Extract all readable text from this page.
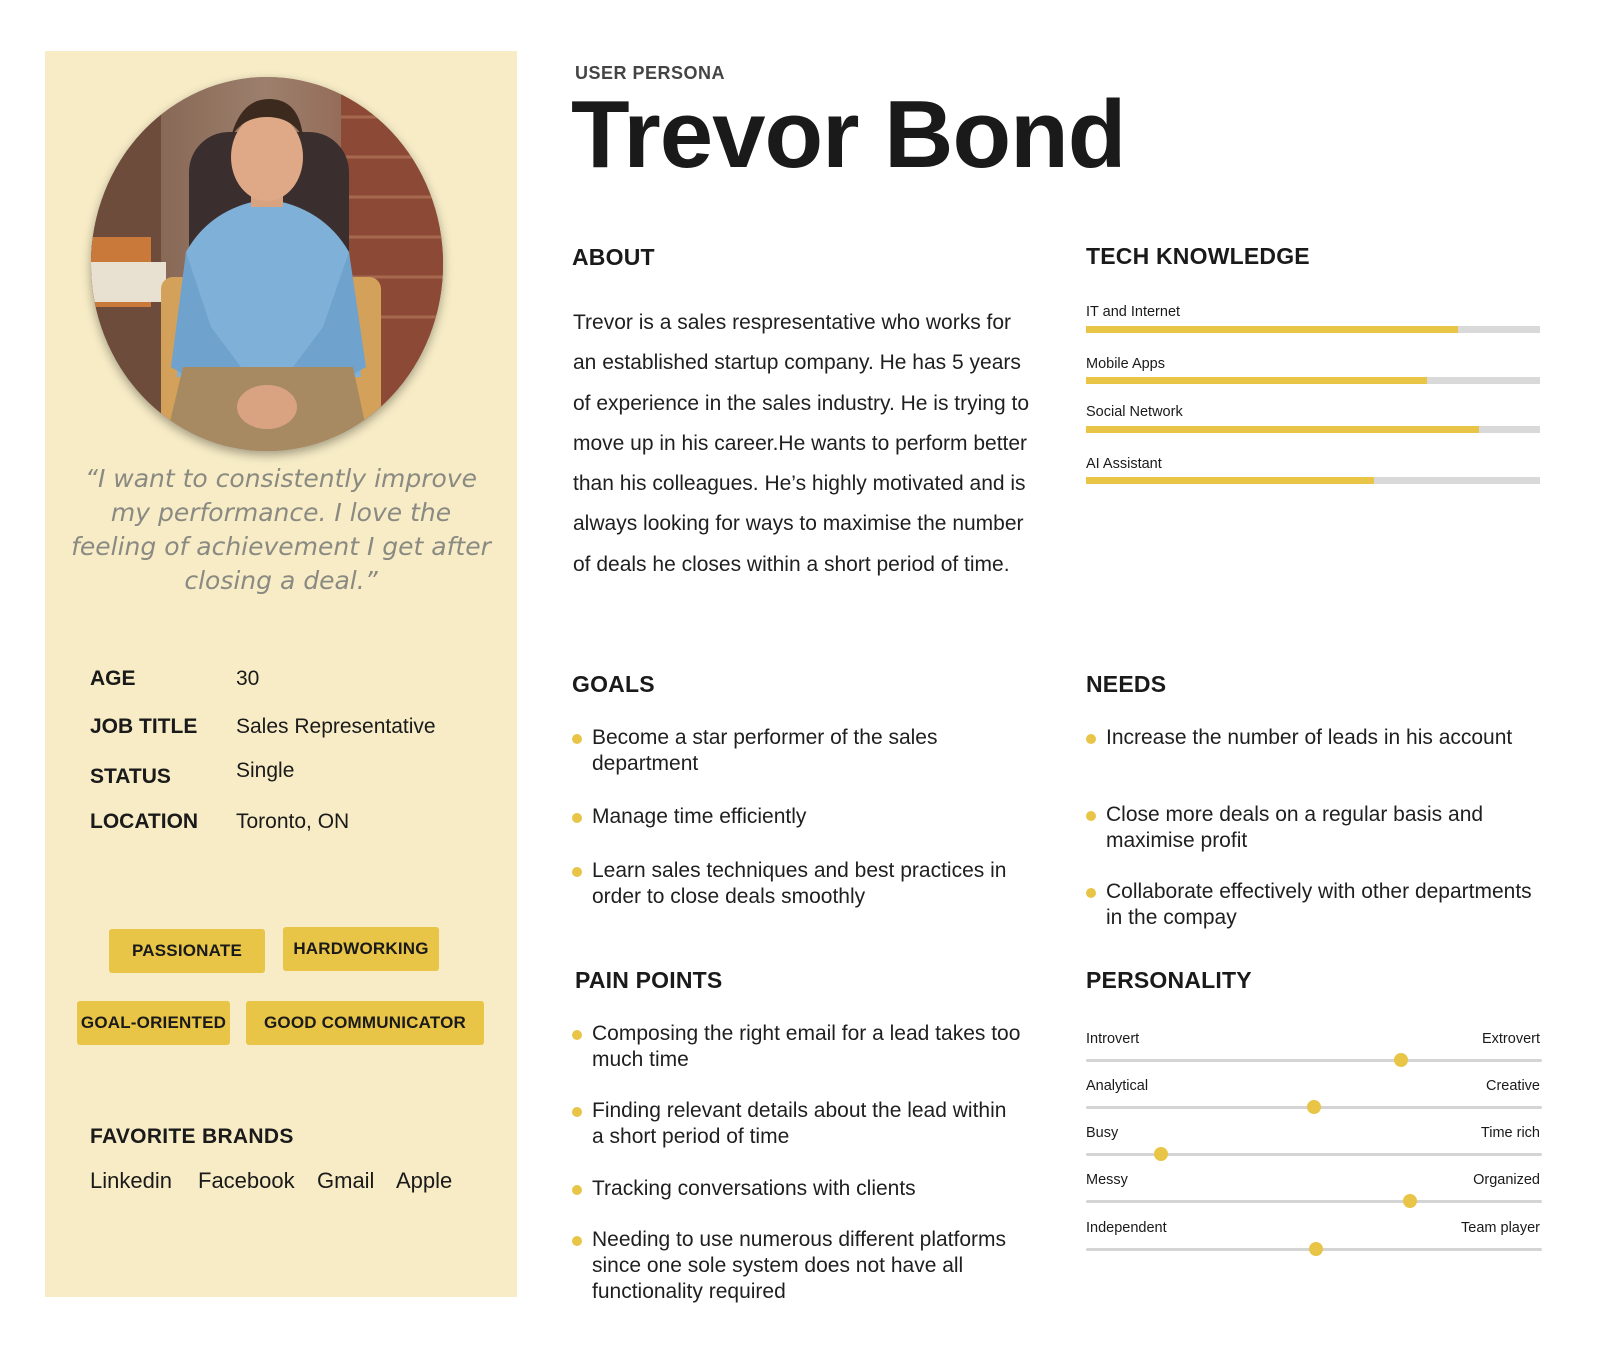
“I want to consistently improve my performance. I love the feeling of achievement I get after closing a deal.”
AGE	30
JOB TITLE Sales Representative
STATUS	Single
LOCATION Toronto, ON
PASSIONATE	HARDWORKING
GOAL-ORIENTED	GOOD COMMUNICATOR
FAVORITE BRANDS
Linkedin Facebook Gmail Apple
USER PERSONA
Trevor Bond
ABOUT
Trevor is a sales respresentative who works for an established startup company. He has 5 years of experience in the sales industry. He is trying to move up in his career.He wants to perform better than his colleagues. He’s highly motivated and is always looking for ways to maximise the number of deals he closes within a short period of time.
TECH KNOWLEDGE
IT and Internet
Mobile Apps
Social Network
AI Assistant
GOALS
Become a star performer of the sales department
Manage time efficiently
Learn sales techniques and best practices in order to close deals smoothly
NEEDS
Increase the number of leads in his account
Close more deals on a regular basis and maximise profit
Collaborate effectively with other departments in the compay
PAIN POINTS
Composing the right email for a lead takes too much time
Finding relevant details about the lead within a short period of time
Tracking conversations with clients
Needing to use numerous different platforms since one sole system does not have all functionality required
PERSONALITY
Introvert	Extrovert
Analytical	Creative
Busy	Time rich
Messy	Organized
Independent	Team player
